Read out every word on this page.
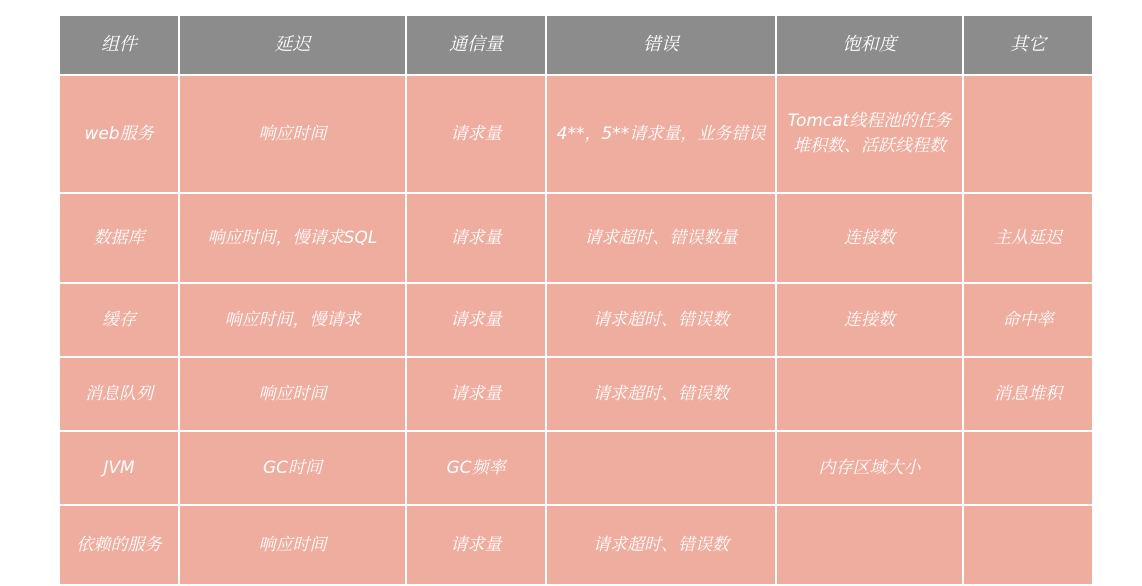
组件	延迟	通信量	错误	饱和度	其它
web服务	响应时间	请求量	4**，5**请求量，业务错误	Tomcat线程池的任务堆积数、活跃线程数	
数据库	响应时间，慢请求SQL	请求量	请求超时、错误数量	连接数	主从延迟
缓存	响应时间，慢请求	请求量	请求超时、错误数	连接数	命中率
消息队列	响应时间	请求量	请求超时、错误数		消息堆积
JVM	GC时间	GC频率		内存区域大小	
依赖的服务	响应时间	请求量	请求超时、错误数		
